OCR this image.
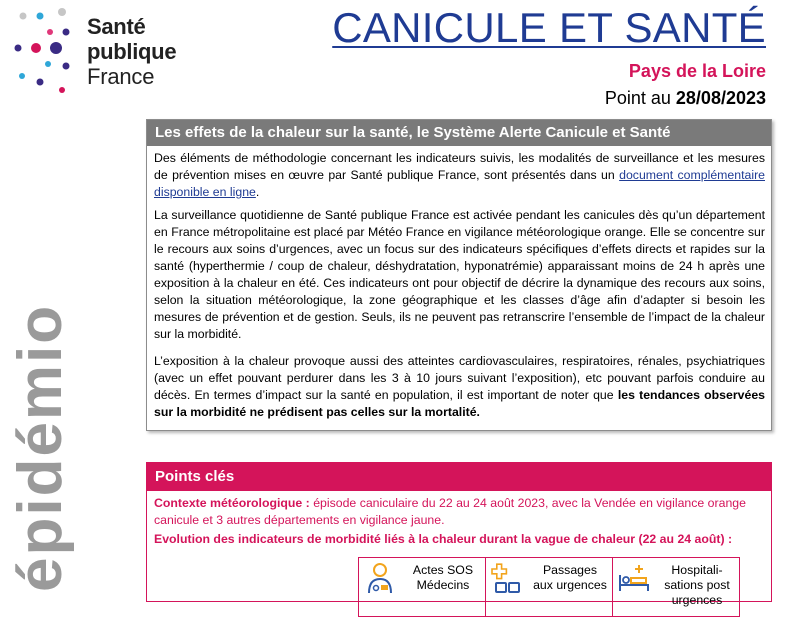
Santé
publique
France
CANICULE ET SANTÉ
Pays de la Loire
Point au 28/08/2023
épidémio
Les effets de la chaleur sur la santé, le Système Alerte Canicule et Santé

Des éléments de méthodologie concernant les indicateurs suivis, les modalités de surveillance et les mesures de prévention mises en œuvre par Santé publique France, sont présentés dans un document complémentaire disponible en ligne.

La surveillance quotidienne de Santé publique France est activée pendant les canicules dès qu’un département en France métropolitaine est placé par Météo France en vigilance météorologique orange. Elle se concentre sur le recours aux soins d’urgences, avec un focus sur des indicateurs spécifiques d’effets directs et rapides sur la santé (hyperthermie / coup de chaleur, déshydratation, hyponatrémie) apparaissant moins de 24 h après une exposition à la chaleur en été. Ces indicateurs ont pour objectif de décrire la dynamique des recours aux soins, selon la situation météorologique, la zone géographique et les classes d’âge afin d’adapter si besoin les mesures de prévention et de gestion. Seuls, ils ne peuvent pas retranscrire l’ensemble de l’impact de la chaleur sur la morbidité.

L’exposition à la chaleur provoque aussi des atteintes cardiovasculaires, respiratoires, rénales, psychiatriques (avec un effet pouvant perdurer dans les 3 à 10 jours suivant l’exposition), etc pouvant parfois conduire au décès. En termes d’impact sur la santé en population, il est important de noter que les tendances observées sur la morbidité ne prédisent pas celles sur la mortalité.

Points clés

Contexte météorologique : épisode caniculaire du 22 au 24 août 2023, avec la Vendée en vigilance orange canicule et 3 autres départements en vigilance jaune.

Evolution des indicateurs de morbidité liés à la chaleur durant la vague de chaleur (22 au 24 août) :

Actes SOS Médecins
Passages aux urgences
Hospitali-sations post urgences
